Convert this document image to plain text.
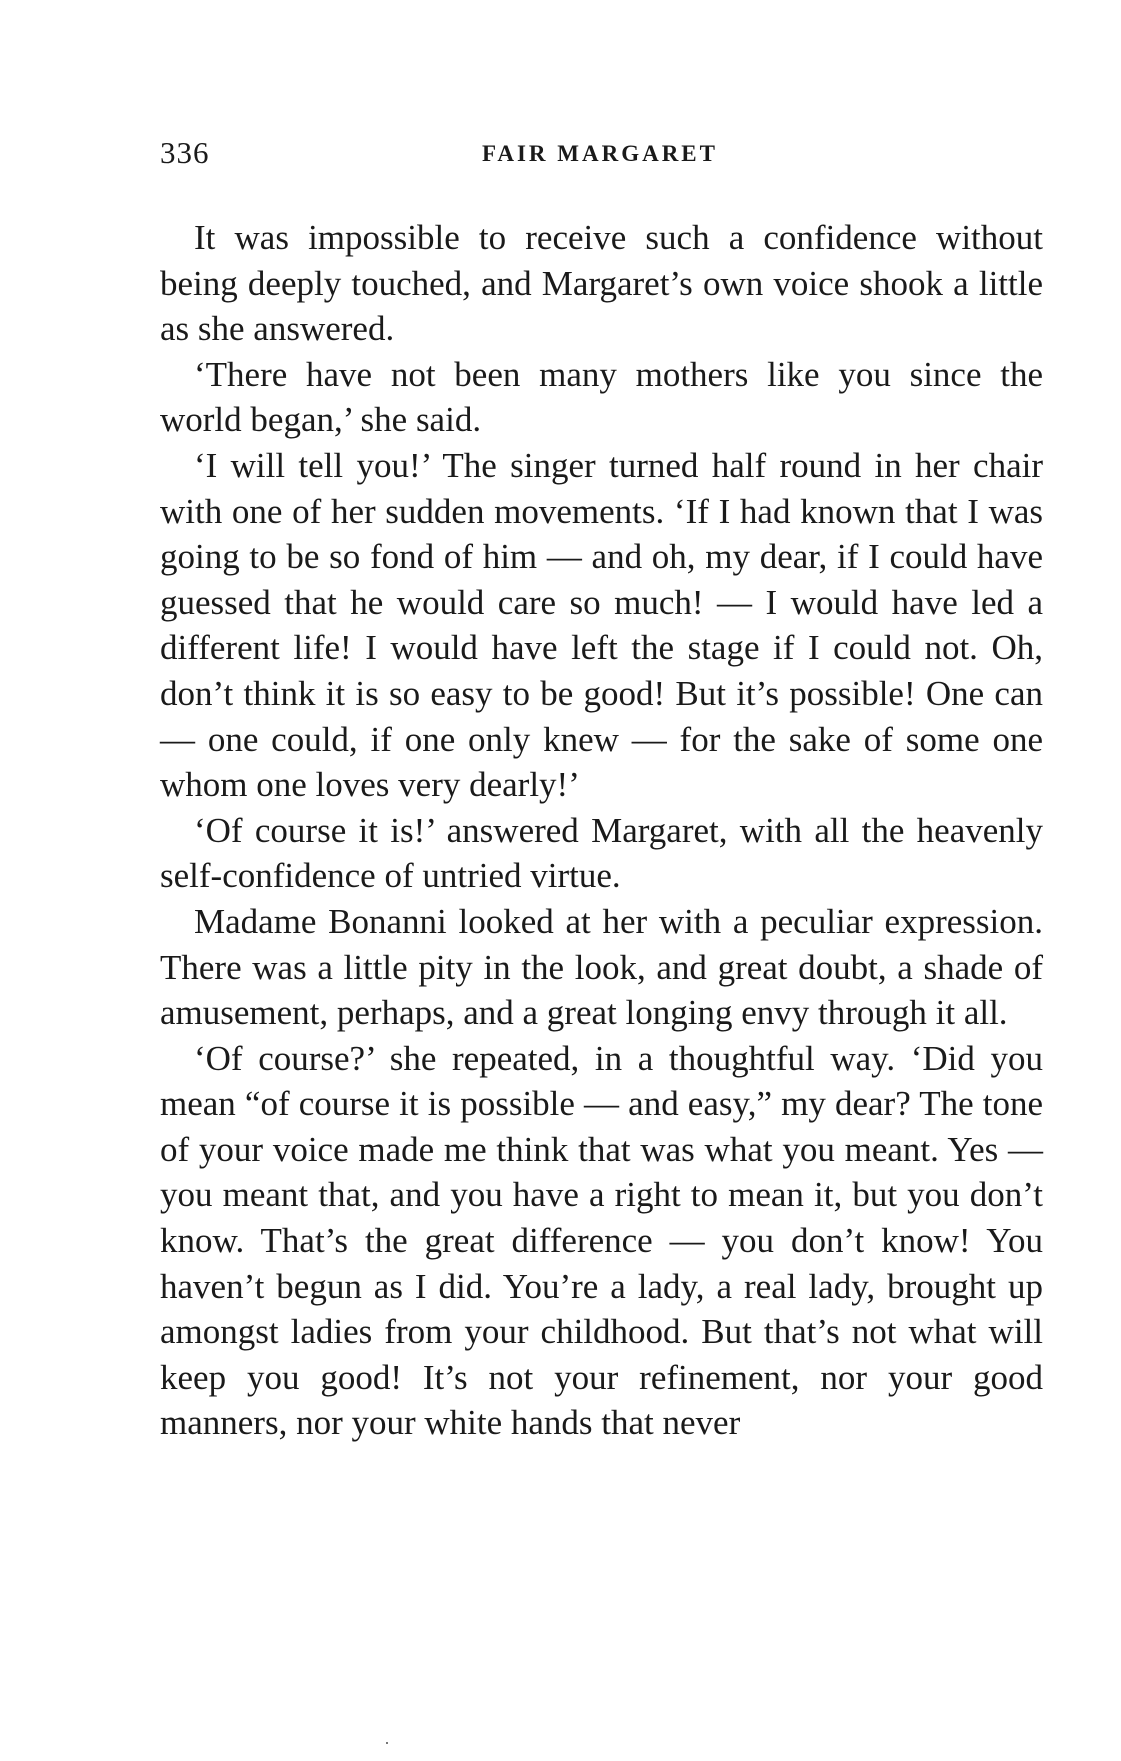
336	FAIR MARGARET

It was impossible to receive such a confidence without being deeply touched, and Margaret’s own voice shook a little as she answered.

‘There have not been many mothers like you since the world began,’ she said.

‘I will tell you!’ The singer turned half round in her chair with one of her sudden movements. ‘If I had known that I was going to be so fond of him — and oh, my dear, if I could have guessed that he would care so much! — I would have led a different life! I would have left the stage if I could not. Oh, don’t think it is so easy to be good! But it’s possible! One can — one could, if one only knew — for the sake of some one whom one loves very dearly!’

‘Of course it is!’ answered Margaret, with all the heavenly self-confidence of untried virtue.

Madame Bonanni looked at her with a peculiar expression. There was a little pity in the look, and great doubt, a shade of amusement, perhaps, and a great longing envy through it all.

‘Of course?’ she repeated, in a thoughtful way. ‘Did you mean “of course it is possible — and easy,” my dear? The tone of your voice made me think that was what you meant. Yes — you meant that, and you have a right to mean it, but you don’t know. That’s the great difference — you don’t know! You haven’t begun as I did. You’re a lady, a real lady, brought up amongst ladies from your childhood. But that’s not what will keep you good! It’s not your refinement, nor your good manners, nor your white hands that never
